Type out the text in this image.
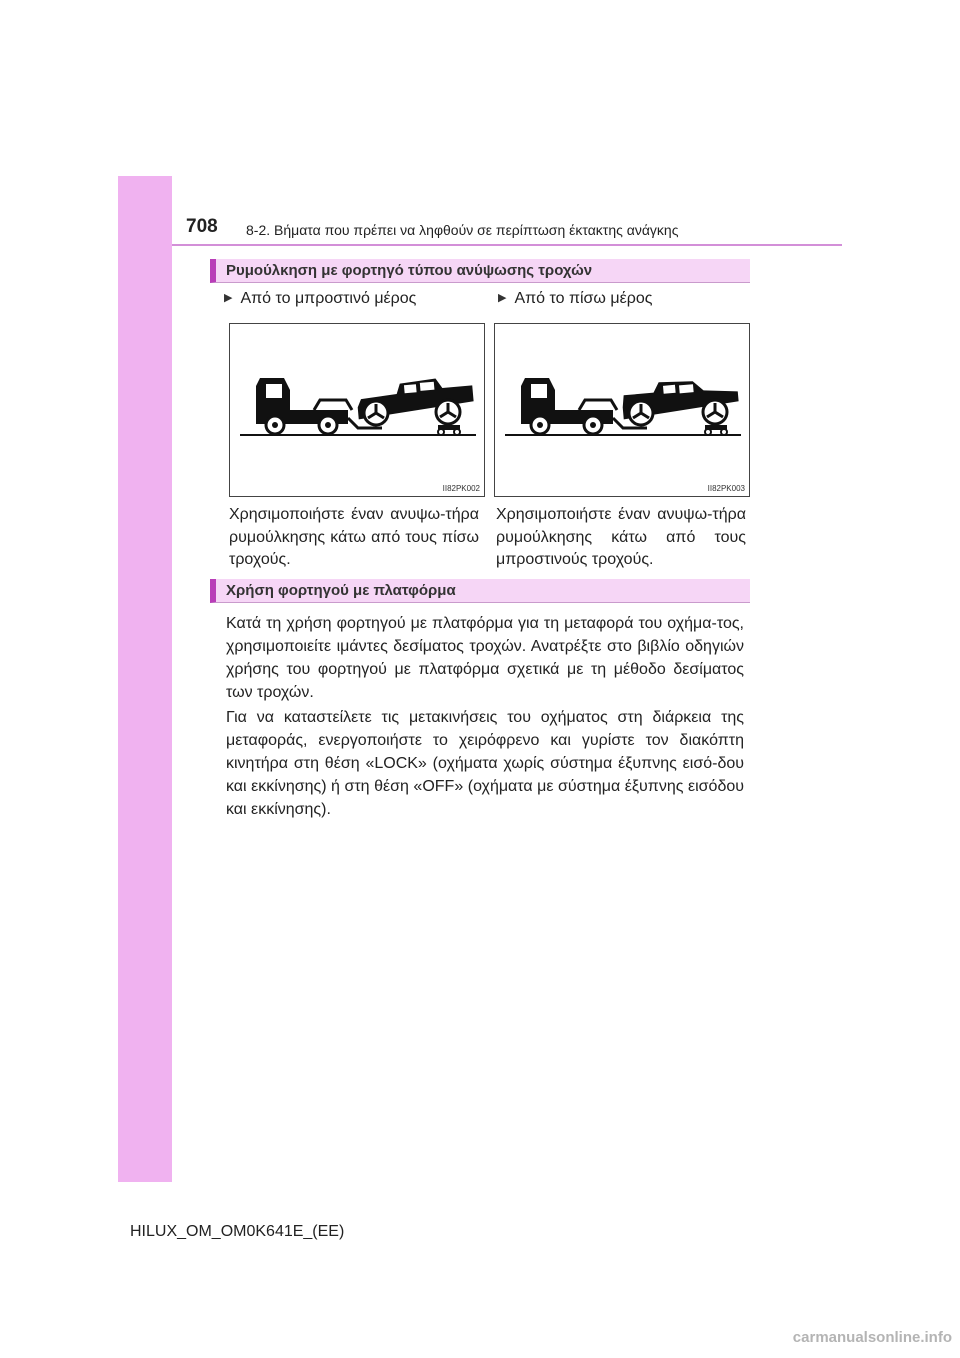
708 8-2. Βήματα που πρέπει να ληφθούν σε περίπτωση έκτακτης ανάγκης
Ρυμούλκηση με φορτηγό τύπου ανύψωσης τροχών
▶ Από το μπροστινό μέρος	▶ Από το πίσω μέρος
II82PK002	II82PK003
Χρησιμοποιήστε έναν ανυψω-τήρα ρυμούλκησης κάτω από τους πίσω τροχούς.
Χρησιμοποιήστε έναν ανυψω-τήρα ρυμούλκησης κάτω από τους μπροστινούς τροχούς.
Χρήση φορτηγού με πλατφόρμα
Κατά τη χρήση φορτηγού με πλατφόρμα για τη μεταφορά του οχήμα-τος, χρησιμοποιείτε ιμάντες δεσίματος τροχών. Ανατρέξτε στο βιβλίο οδηγιών χρήσης του φορτηγού με πλατφόρμα σχετικά με τη μέθοδο δεσίματος των τροχών.
Για να καταστείλετε τις μετακινήσεις του οχήματος στη διάρκεια της μεταφοράς, ενεργοποιήστε το χειρόφρενο και γυρίστε τον διακόπτη κινητήρα στη θέση «LOCK» (οχήματα χωρίς σύστημα έξυπνης εισό-δου και εκκίνησης) ή στη θέση «OFF» (οχήματα με σύστημα έξυπνης εισόδου και εκκίνησης).
HILUX_OM_OM0K641E_(EE)
carmanualsonline.info
